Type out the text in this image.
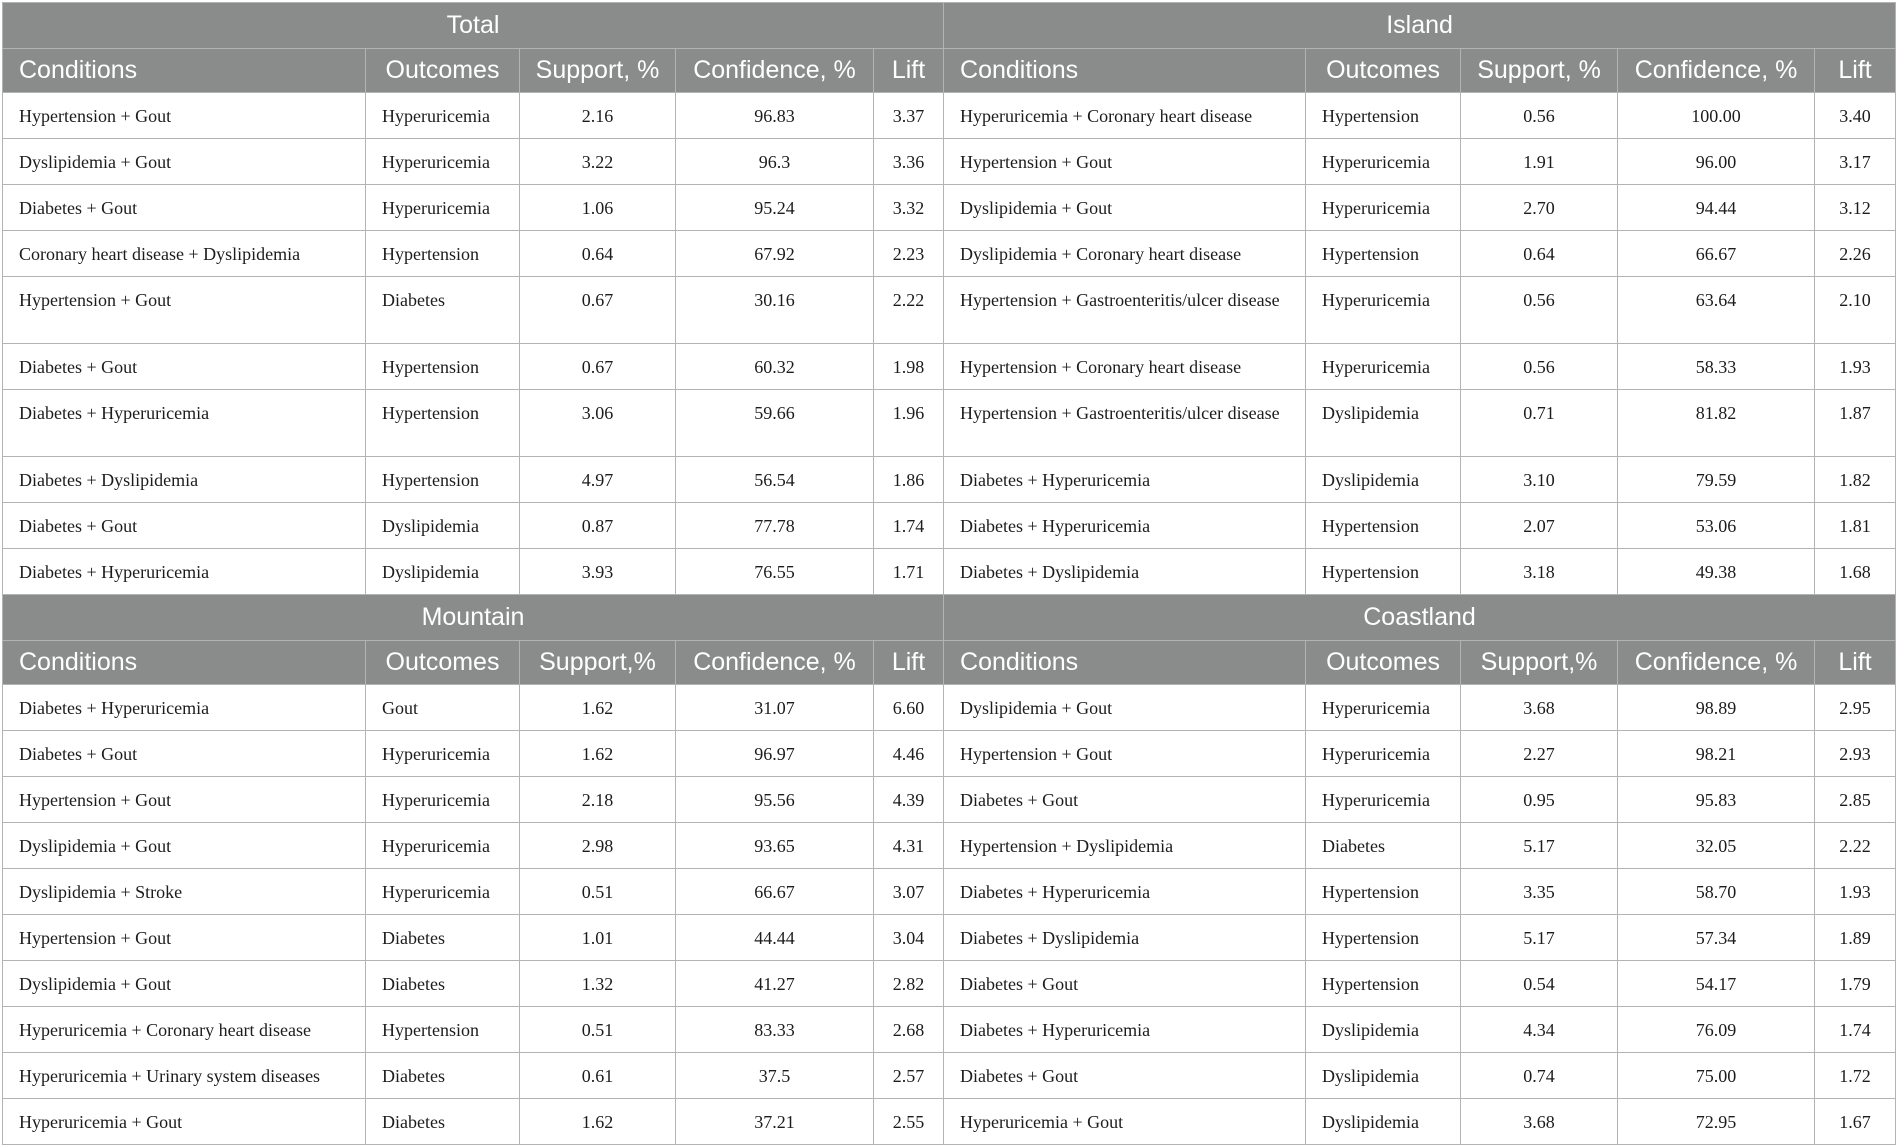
Total					Island				
Conditions	Outcomes	Support, %	Confidence, %	Lift	Conditions	Outcomes	Support, %	Confidence, %	Lift
Hypertension + Gout	Hyperuricemia	2.16	96.83	3.37	Hyperuricemia + Coronary heart disease	Hypertension	0.56	100.00	3.40
Dyslipidemia + Gout	Hyperuricemia	3.22	96.3	3.36	Hypertension + Gout	Hyperuricemia	1.91	96.00	3.17
Diabetes + Gout	Hyperuricemia	1.06	95.24	3.32	Dyslipidemia + Gout	Hyperuricemia	2.70	94.44	3.12
Coronary heart disease + Dyslipidemia	Hypertension	0.64	67.92	2.23	Dyslipidemia + Coronary heart disease	Hypertension	0.64	66.67	2.26
Hypertension + Gout	Diabetes	0.67	30.16	2.22	Hypertension + Gastroenteritis/ulcer disease	Hyperuricemia	0.56	63.64	2.10
Diabetes + Gout	Hypertension	0.67	60.32	1.98	Hypertension + Coronary heart disease	Hyperuricemia	0.56	58.33	1.93
Diabetes + Hyperuricemia	Hypertension	3.06	59.66	1.96	Hypertension + Gastroenteritis/ulcer disease	Dyslipidemia	0.71	81.82	1.87
Diabetes + Dyslipidemia	Hypertension	4.97	56.54	1.86	Diabetes + Hyperuricemia	Dyslipidemia	3.10	79.59	1.82
Diabetes + Gout	Dyslipidemia	0.87	77.78	1.74	Diabetes + Hyperuricemia	Hypertension	2.07	53.06	1.81
Diabetes + Hyperuricemia	Dyslipidemia	3.93	76.55	1.71	Diabetes + Dyslipidemia	Hypertension	3.18	49.38	1.68
Mountain					Coastland				
Conditions	Outcomes	Support,%	Confidence, %	Lift	Conditions	Outcomes	Support,%	Confidence, %	Lift
Diabetes + Hyperuricemia	Gout	1.62	31.07	6.60	Dyslipidemia + Gout	Hyperuricemia	3.68	98.89	2.95
Diabetes + Gout	Hyperuricemia	1.62	96.97	4.46	Hypertension + Gout	Hyperuricemia	2.27	98.21	2.93
Hypertension + Gout	Hyperuricemia	2.18	95.56	4.39	Diabetes + Gout	Hyperuricemia	0.95	95.83	2.85
Dyslipidemia + Gout	Hyperuricemia	2.98	93.65	4.31	Hypertension + Dyslipidemia	Diabetes	5.17	32.05	2.22
Dyslipidemia + Stroke	Hyperuricemia	0.51	66.67	3.07	Diabetes + Hyperuricemia	Hypertension	3.35	58.70	1.93
Hypertension + Gout	Diabetes	1.01	44.44	3.04	Diabetes + Dyslipidemia	Hypertension	5.17	57.34	1.89
Dyslipidemia + Gout	Diabetes	1.32	41.27	2.82	Diabetes + Gout	Hypertension	0.54	54.17	1.79
Hyperuricemia + Coronary heart disease	Hypertension	0.51	83.33	2.68	Diabetes + Hyperuricemia	Dyslipidemia	4.34	76.09	1.74
Hyperuricemia + Urinary system diseases	Diabetes	0.61	37.5	2.57	Diabetes + Gout	Dyslipidemia	0.74	75.00	1.72
Hyperuricemia + Gout	Diabetes	1.62	37.21	2.55	Hyperuricemia + Gout	Dyslipidemia	3.68	72.95	1.67
